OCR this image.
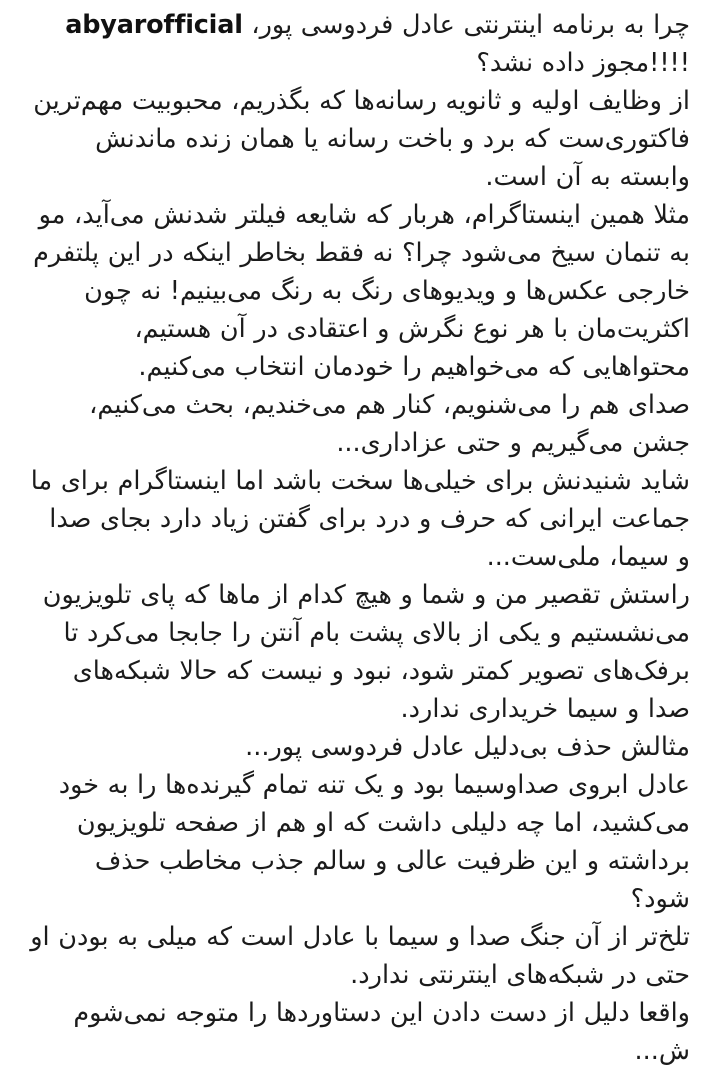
abyarofficial چرا به برنامه اینترنتی عادل فردوسی پور، مجوز داده نشد؟!!!!
از وظایف اولیه و ثانویه رسانه‌ها که بگذریم، محبوبیت مهم‌ترین فاکتوری‌ست که برد و باخت رسانه یا همان زنده ماندنش وابسته به آن است.
مثلا همین اینستاگرام، هربار که شایعه فیلتر شدنش می‌آید، مو به تنمان سیخ می‌شود چرا؟ نه فقط بخاطر اینکه در این پلتفرم خارجی عکس‌ها و ویدیوهای رنگ به رنگ می‌بینیم! نه چون اکثریت‌مان با هر نوع نگرش و اعتقادی در آن هستیم، محتواهایی که می‌خواهیم را خودمان انتخاب می‌کنیم.
صدای هم را می‌شنویم، کنار هم می‌خندیم، بحث می‌کنیم، جشن می‌گیریم و حتی عزاداری...
شاید شنیدنش برای خیلی‌ها سخت باشد اما اینستاگرام برای ما جماعت ایرانی که حرف و درد برای گفتن زیاد دارد بجای صدا و سیما، ملی‌ست...
راستش تقصیر من و شما و هیچ کدام از ماها که پای تلویزیون می‌نشستیم و یکی از بالای پشت بام آنتن را جابجا می‌کرد تا برفک‌های تصویر کمتر شود، نبود و نیست که حالا شبکه‌های صدا و سیما خریداری ندارد.
مثالش حذف بی‌دلیل عادل فردوسی پور...
عادل ابروی صداوسیما بود و یک تنه تمام گیرنده‌ها را به خود می‌کشید، اما چه دلیلی داشت که او هم از صفحه تلویزیون برداشته و این ظرفیت عالی و سالم جذب مخاطب حذف شود؟
تلخ‌تر از آن جنگ صدا و سیما با عادل است که میلی به بودن او حتی در شبکه‌های اینترنتی ندارد.
واقعا دلیل از دست دادن این دستاوردها را متوجه نمی‌شوم
ش...
